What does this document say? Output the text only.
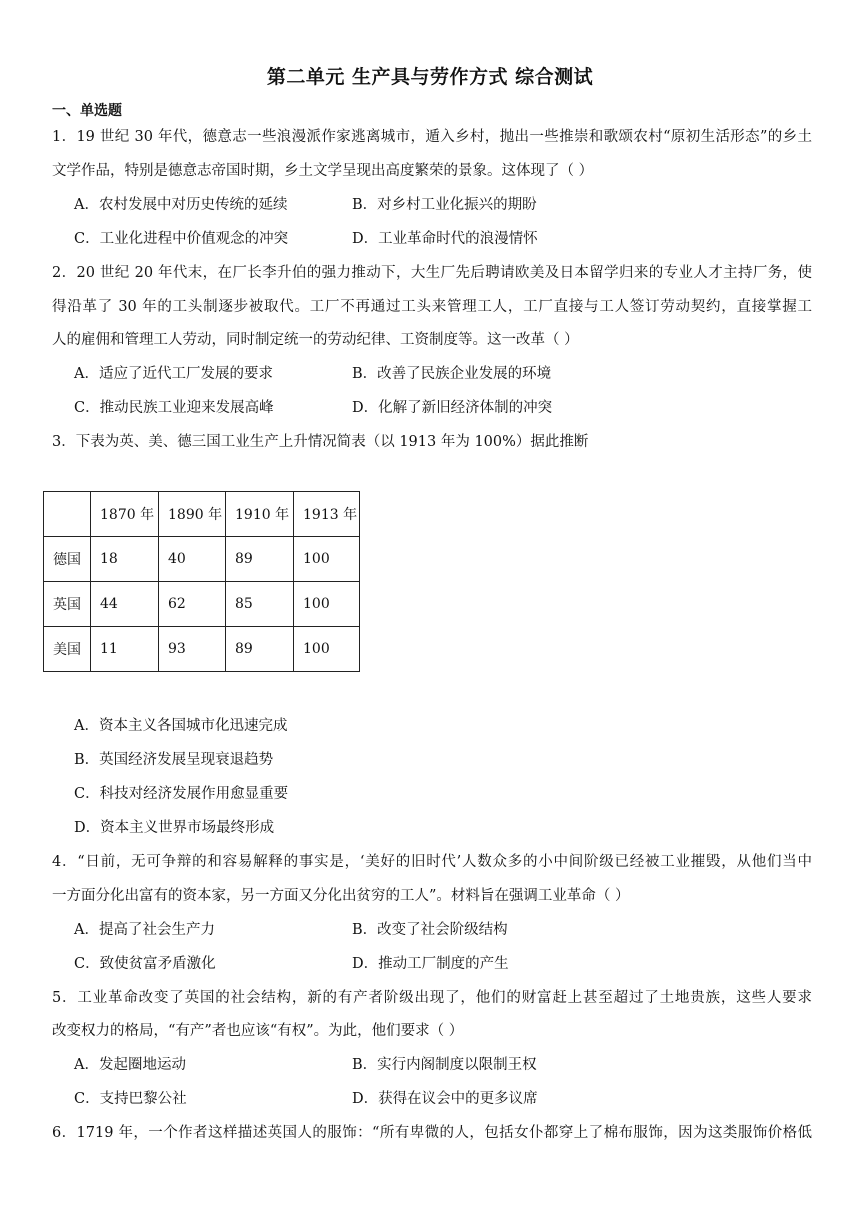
第二单元 生产具与劳作方式 综合测试
一、单选题
1．19 世纪 30 年代，德意志一些浪漫派作家逃离城市，遁入乡村，抛出一些推崇和歌颂农村“原初生活形态”的乡土
文学作品，特别是德意志帝国时期，乡土文学呈现出高度繁荣的景象。这体现了（ ）
A．农村发展中对历史传统的延续	B．对乡村工业化振兴的期盼
C．工业化进程中价值观念的冲突	D．工业革命时代的浪漫情怀
2．20 世纪 20 年代末，在厂长李升伯的强力推动下，大生厂先后聘请欧美及日本留学归来的专业人才主持厂务，使
得沿革了 30 年的工头制逐步被取代。工厂不再通过工头来管理工人，工厂直接与工人签订劳动契约，直接掌握工
人的雇佣和管理工人劳动，同时制定统一的劳动纪律、工资制度等。这一改革（ ）
A．适应了近代工厂发展的要求	B．改善了民族企业发展的环境
C．推动民族工业迎来发展高峰	D．化解了新旧经济体制的冲突
3．下表为英、美、德三国工业生产上升情况简表（以 1913 年为 100%）据此推断
	1870 年	1890 年	1910 年	1913 年
德国	18	40	89	100
英国	44	62	85	100
美国	11	93	89	100
A．资本主义各国城市化迅速完成
B．英国经济发展呈现衰退趋势
C．科技对经济发展作用愈显重要
D．资本主义世界市场最终形成
4．“日前，无可争辩的和容易解释的事实是，‘美好的旧时代’人数众多的小中间阶级已经被工业摧毁，从他们当中
一方面分化出富有的资本家，另一方面又分化出贫穷的工人”。材料旨在强调工业革命（ ）
A．提高了社会生产力	B．改变了社会阶级结构
C．致使贫富矛盾激化	D．推动工厂制度的产生
5．工业革命改变了英国的社会结构，新的有产者阶级出现了，他们的财富赶上甚至超过了土地贵族，这些人要求
改变权力的格局，“有产”者也应该“有权”。为此，他们要求（ ）
A．发起圈地运动	B．实行内阁制度以限制王权
C．支持巴黎公社	D．获得在议会中的更多议席
6．1719 年，一个作者这样描述英国人的服饰：“所有卑微的人，包括女仆都穿上了棉布服饰，因为这类服饰价格低
